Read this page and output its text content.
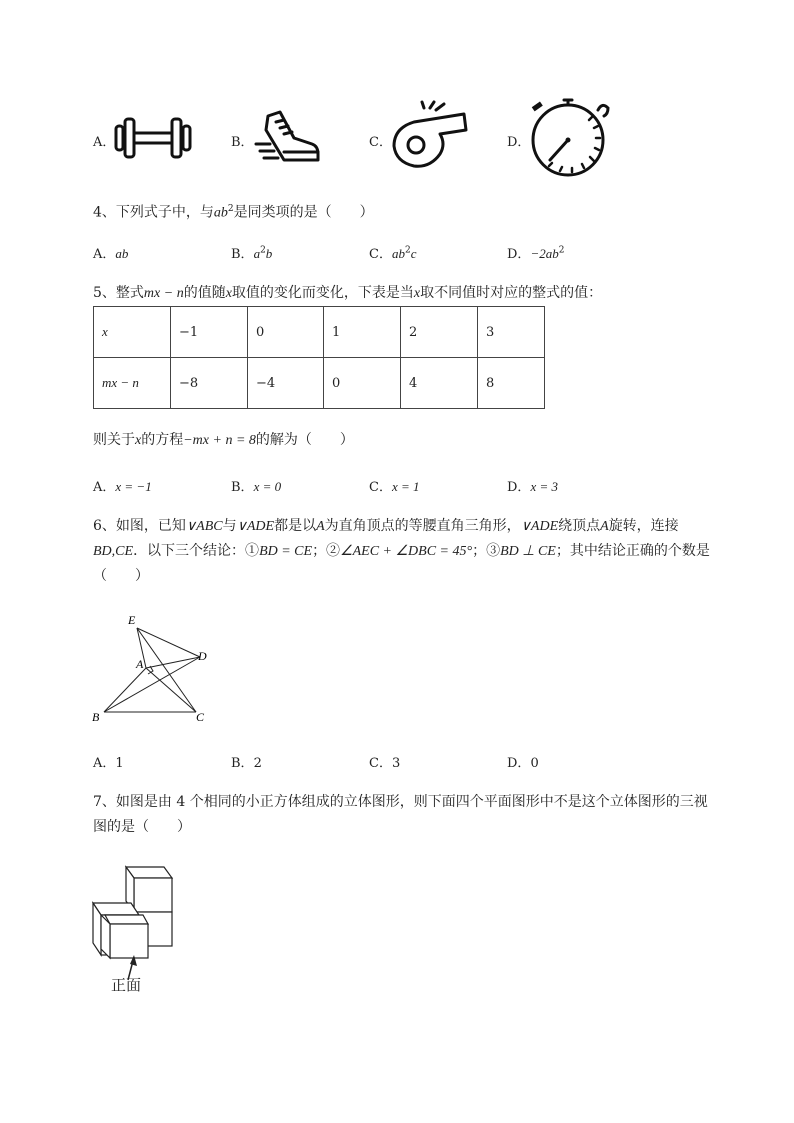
A．	B．	C．	D．
4、下列式子中，与$ab^2$是同类项的是（　　）
A．ab	B．$a^2b$	C．$ab^2c$	D．$-2ab^2$
5、整式mx − n的值随x取值的变化而变化，下表是当x取不同值时对应的整式的值：
x	−1	0	1	2	3
mx − n	−8	−4	0	4	8
则关于x的方程−mx + n = 8的解为（　　）
A．x = −1	B．x = 0	C．x = 1	D．x = 3
6、如图，已知∨ABC与∨ADE都是以A为直角顶点的等腰直角三角形，∨ADE绕顶点A旋转，连接
BD,CE．以下三个结论：①BD = CE；②∠AEC + ∠DBC = 45°；③BD ⊥ CE；其中结论正确的个数是
（　　）
E
A
D
B	C
A．1	B．2	C．3	D．0
7、如图是由 4 个相同的小正方体组成的立体图形，则下面四个平面图形中不是这个立体图形的三视
图的是（　　）
正面
